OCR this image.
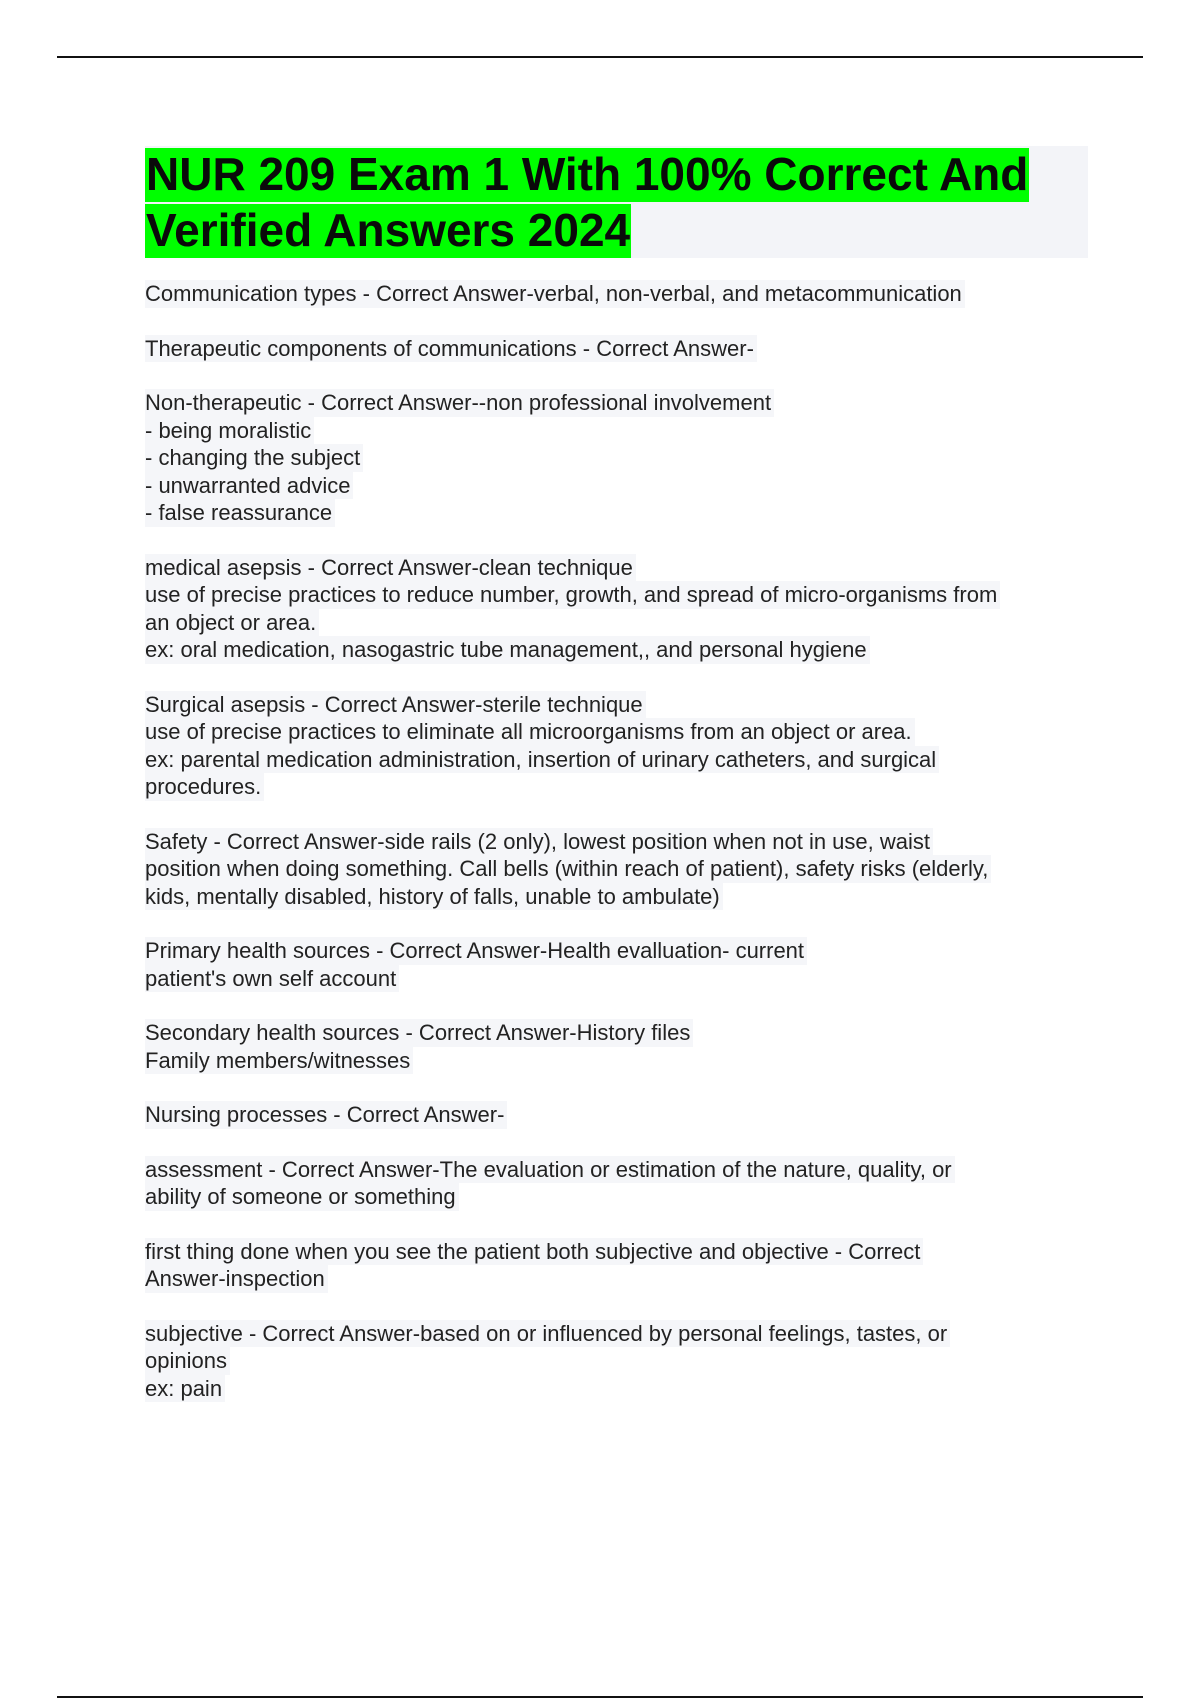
NUR 209 Exam 1 With 100% Correct And
Verified Answers 2024
Communication types - Correct Answer-verbal, non-verbal, and metacommunication
Therapeutic components of communications - Correct Answer-
Non-therapeutic - Correct Answer--non professional involvement
- being moralistic
- changing the subject
- unwarranted advice
- false reassurance
medical asepsis - Correct Answer-clean technique
use of precise practices to reduce number, growth, and spread of micro-organisms from
an object or area.
ex: oral medication, nasogastric tube management,, and personal hygiene
Surgical asepsis - Correct Answer-sterile technique
use of precise practices to eliminate all microorganisms from an object or area.
ex: parental medication administration, insertion of urinary catheters, and surgical
procedures.
Safety - Correct Answer-side rails (2 only), lowest position when not in use, waist
position when doing something. Call bells (within reach of patient), safety risks (elderly,
kids, mentally disabled, history of falls, unable to ambulate)
Primary health sources - Correct Answer-Health evalluation- current
patient's own self account
Secondary health sources - Correct Answer-History files
Family members/witnesses
Nursing processes - Correct Answer-
assessment - Correct Answer-The evaluation or estimation of the nature, quality, or
ability of someone or something
first thing done when you see the patient both subjective and objective - Correct
Answer-inspection
subjective - Correct Answer-based on or influenced by personal feelings, tastes, or
opinions
ex: pain
